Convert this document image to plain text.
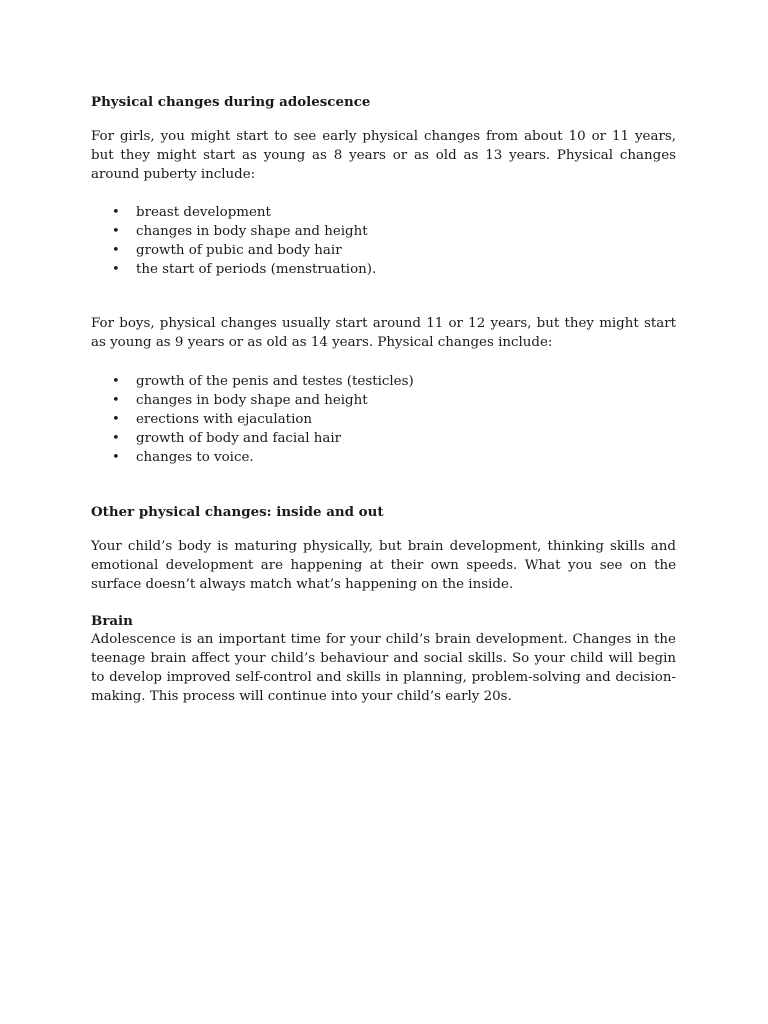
Physical changes during adolescence

For girls, you might start to see early physical changes from about 10 or 11 years, but they might start as young as 8 years or as old as 13 years. Physical changes around puberty include:

• breast development
• changes in body shape and height
• growth of pubic and body hair
• the start of periods (menstruation).

For boys, physical changes usually start around 11 or 12 years, but they might start as young as 9 years or as old as 14 years. Physical changes include:

• growth of the penis and testes (testicles)
• changes in body shape and height
• erections with ejaculation
• growth of body and facial hair
• changes to voice.
Other physical changes: inside and out

Your child’s body is maturing physically, but brain development, thinking skills and emotional development are happening at their own speeds. What you see on the surface doesn’t always match what’s happening on the inside.

Brain

Adolescence is an important time for your child’s brain development. Changes in the teenage brain affect your child’s behaviour and social skills. So your child will begin to develop improved self-control and skills in planning, problem-solving and decision-making. This process will continue into your child’s early 20s.
